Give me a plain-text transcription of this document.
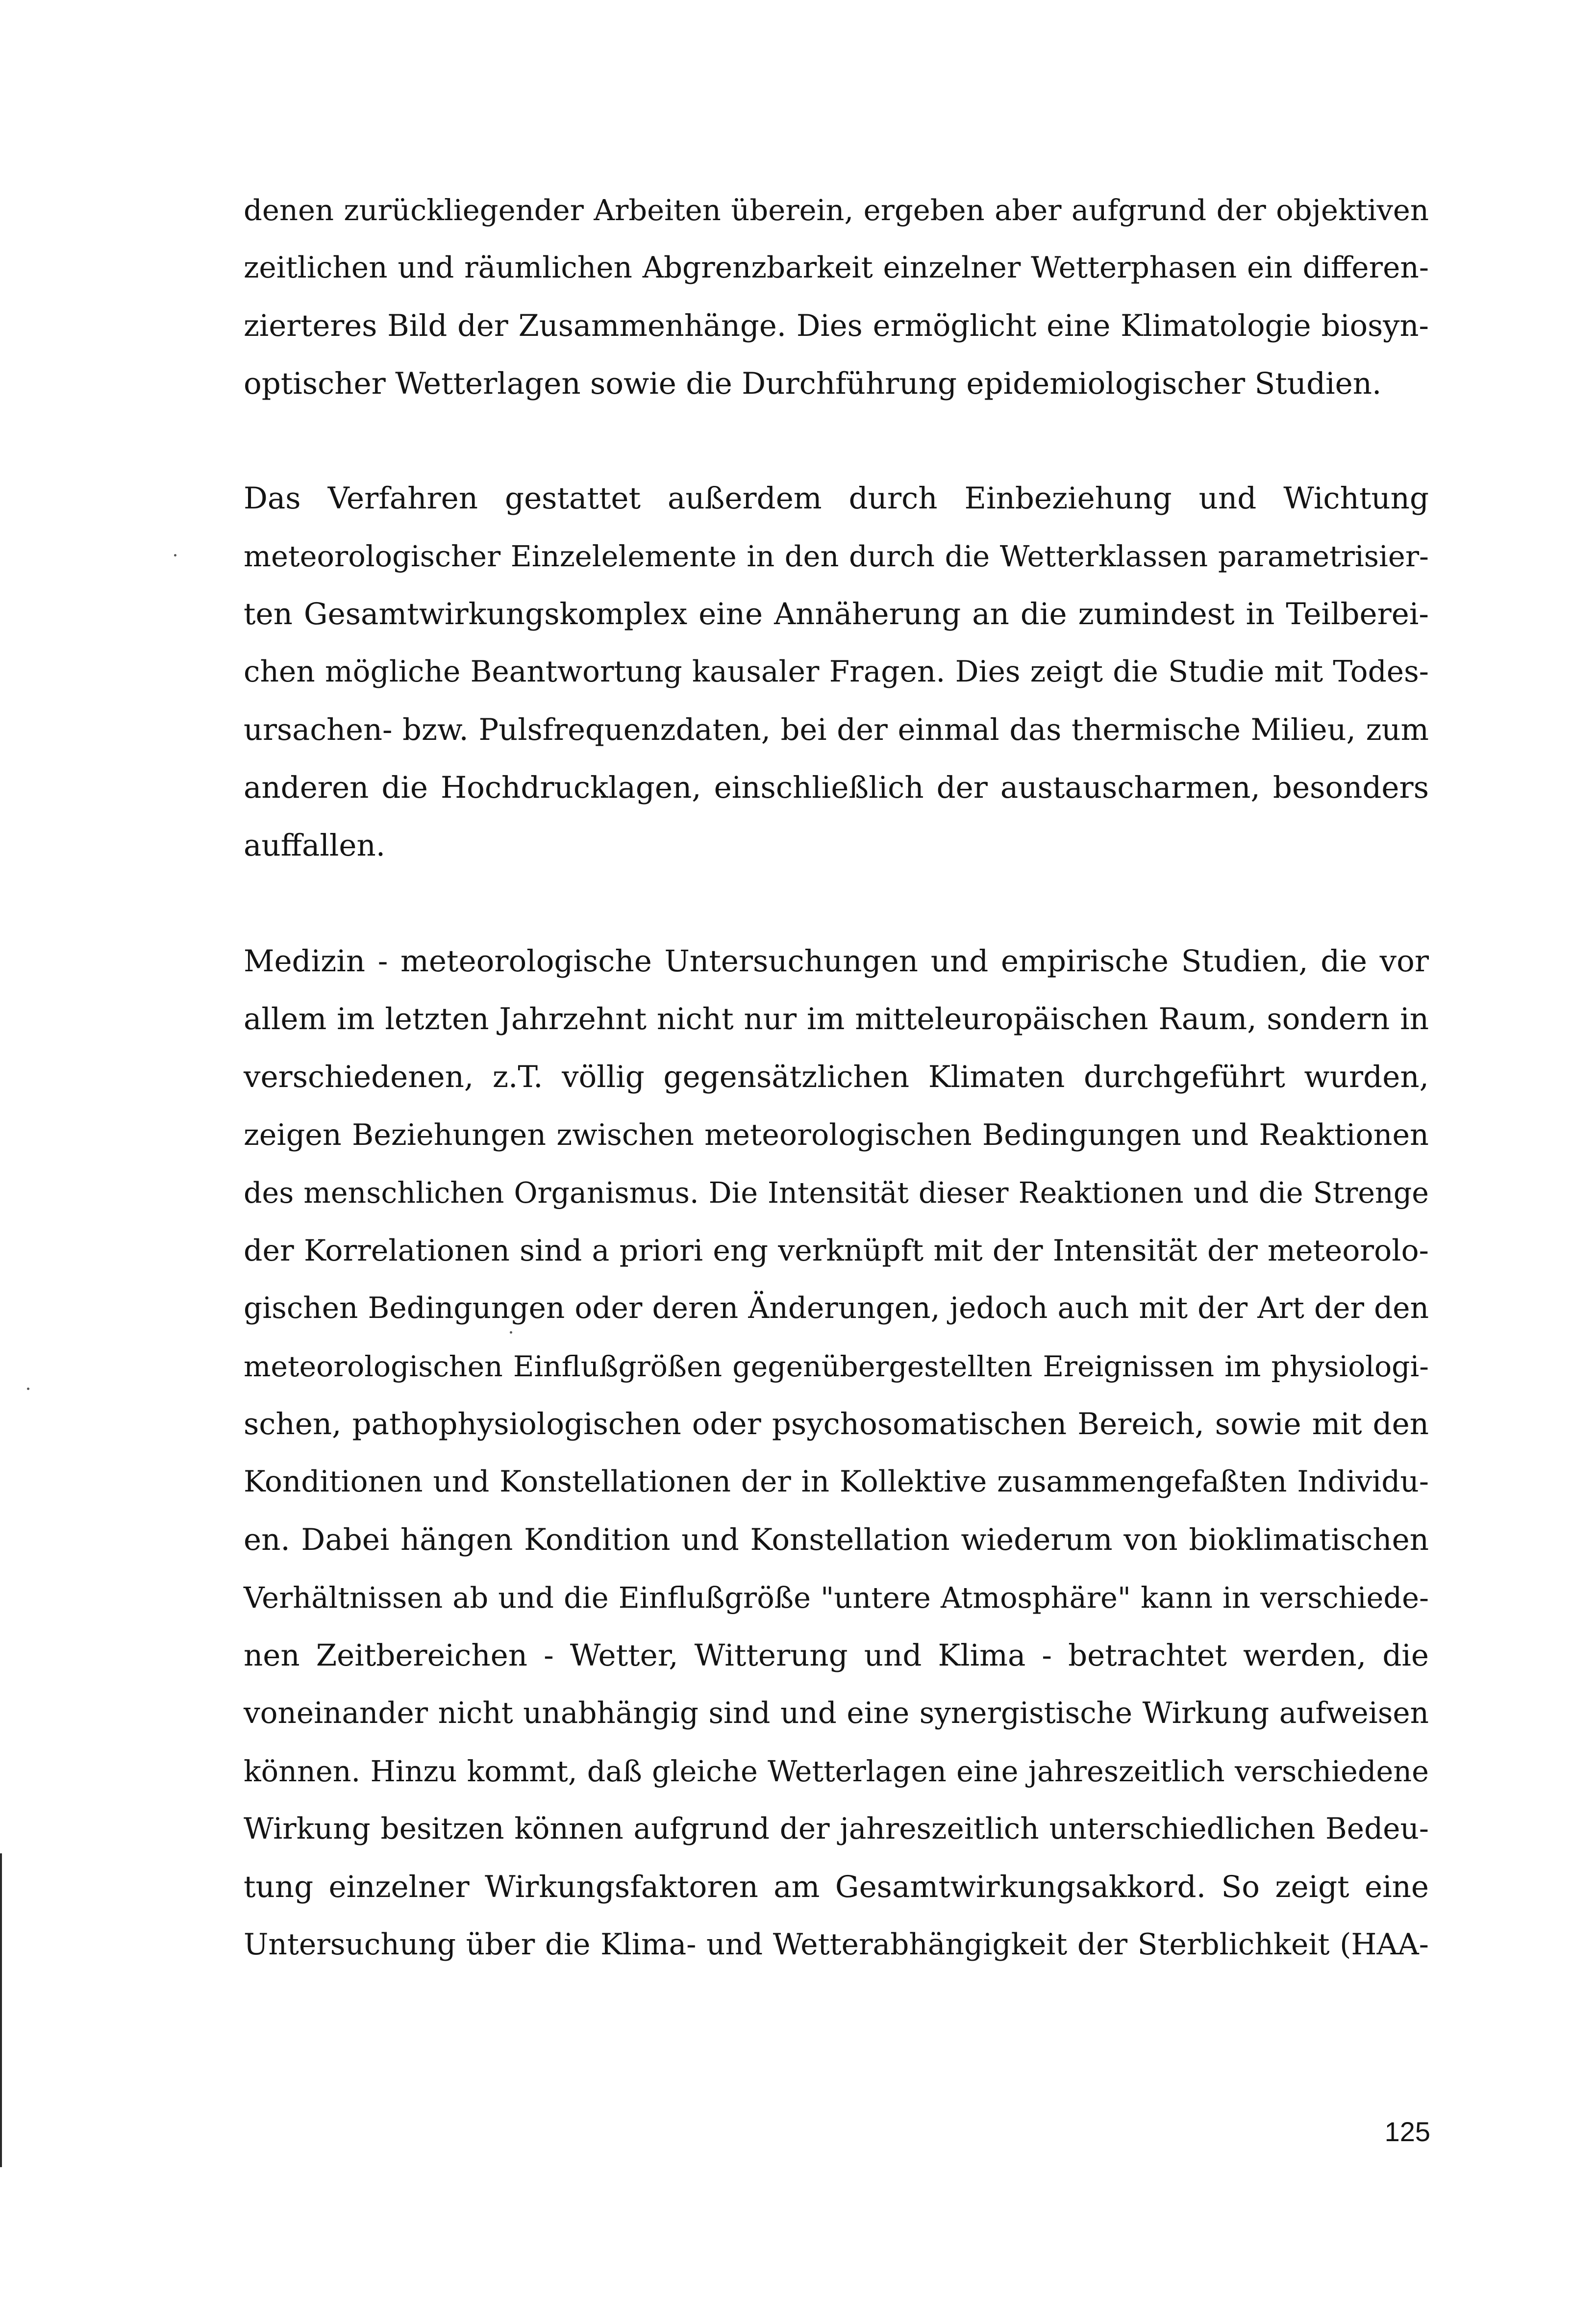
denen zurückliegender Arbeiten überein, ergeben aber aufgrund der objektiven
zeitlichen und räumlichen Abgrenzbarkeit einzelner Wetterphasen ein differen-
zierteres Bild der Zusammenhänge. Dies ermöglicht eine Klimatologie biosyn-
optischer Wetterlagen sowie die Durchführung epidemiologischer Studien.
Das Verfahren gestattet außerdem durch Einbeziehung und Wichtung
meteorologischer Einzelelemente in den durch die Wetterklassen parametrisier-
ten Gesamtwirkungskomplex eine Annäherung an die zumindest in Teilberei-
chen mögliche Beantwortung kausaler Fragen. Dies zeigt die Studie mit Todes-
ursachen- bzw. Pulsfrequenzdaten, bei der einmal das thermische Milieu, zum
anderen die Hochdrucklagen, einschließlich der austauscharmen, besonders
auffallen.
Medizin - meteorologische Untersuchungen und empirische Studien, die vor
allem im letzten Jahrzehnt nicht nur im mitteleuropäischen Raum, sondern in
verschiedenen, z.T. völlig gegensätzlichen Klimaten durchgeführt wurden,
zeigen Beziehungen zwischen meteorologischen Bedingungen und Reaktionen
des menschlichen Organismus. Die Intensität dieser Reaktionen und die Strenge
der Korrelationen sind a priori eng verknüpft mit der Intensität der meteorolo-
gischen Bedingungen oder deren Änderungen, jedoch auch mit der Art der den
meteorologischen Einflußgrößen gegenübergestellten Ereignissen im physiologi-
schen, pathophysiologischen oder psychosomatischen Bereich, sowie mit den
Konditionen und Konstellationen der in Kollektive zusammengefaßten Individu-
en. Dabei hängen Kondition und Konstellation wiederum von bioklimatischen
Verhältnissen ab und die Einflußgröße "untere Atmosphäre" kann in verschiede-
nen Zeitbereichen - Wetter, Witterung und Klima - betrachtet werden, die
voneinander nicht unabhängig sind und eine synergistische Wirkung aufweisen
können. Hinzu kommt, daß gleiche Wetterlagen eine jahreszeitlich verschiedene
Wirkung besitzen können aufgrund der jahreszeitlich unterschiedlichen Bedeu-
tung einzelner Wirkungsfaktoren am Gesamtwirkungsakkord. So zeigt eine
Untersuchung über die Klima- und Wetterabhängigkeit der Sterblichkeit (HAA-
125
